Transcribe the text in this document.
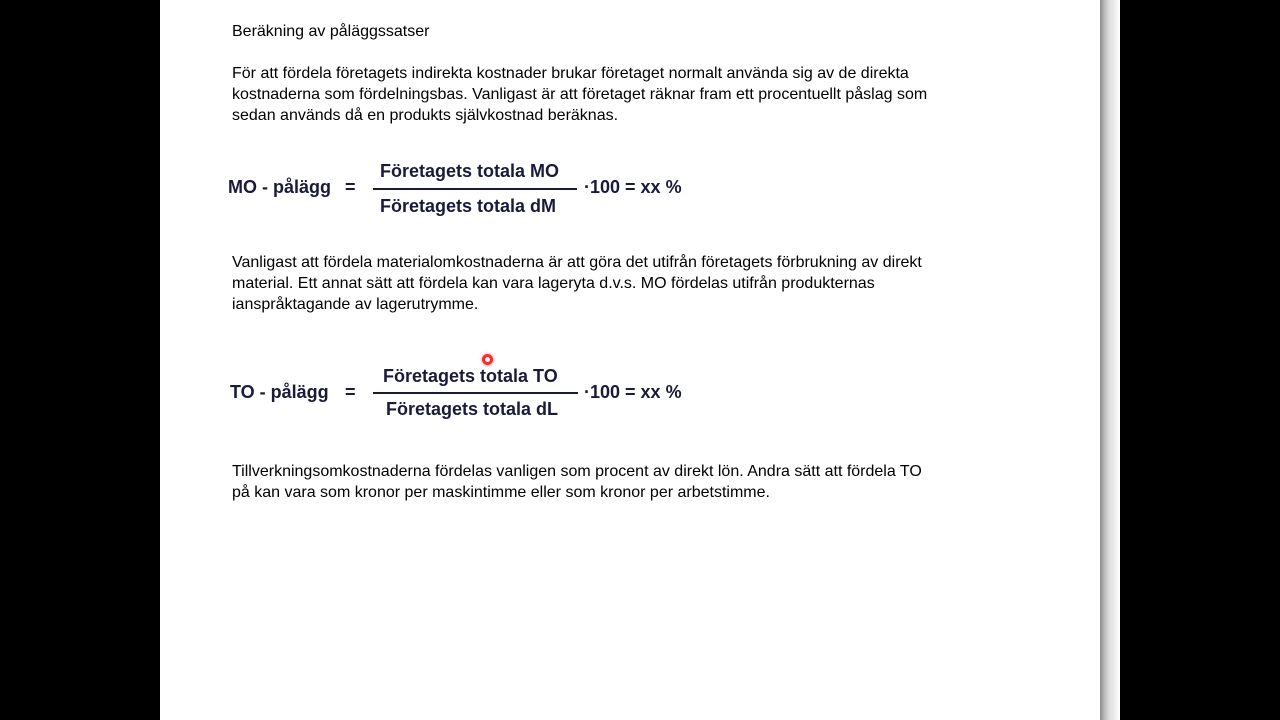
Beräkning av påläggssatser
För att fördela företagets indirekta kostnader brukar företaget normalt använda sig av de direkta
kostnaderna som fördelningsbas. Vanligast är att företaget räknar fram ett procentuellt påslag som
sedan används då en produkts självkostnad beräknas.
MO - pålägg =
Företagets totala MO
Företagets totala dM
·100 = xx %
Vanligast att fördela materialomkostnaderna är att göra det utifrån företagets förbrukning av direkt
material. Ett annat sätt att fördela kan vara lageryta d.v.s. MO fördelas utifrån produkternas
ianspråktagande av lagerutrymme.
TO - pålägg =
Företagets totala TO
Företagets totala dL
·100 = xx %
Tillverkningsomkostnaderna fördelas vanligen som procent av direkt lön. Andra sätt att fördela TO
på kan vara som kronor per maskintimme eller som kronor per arbetstimme.
